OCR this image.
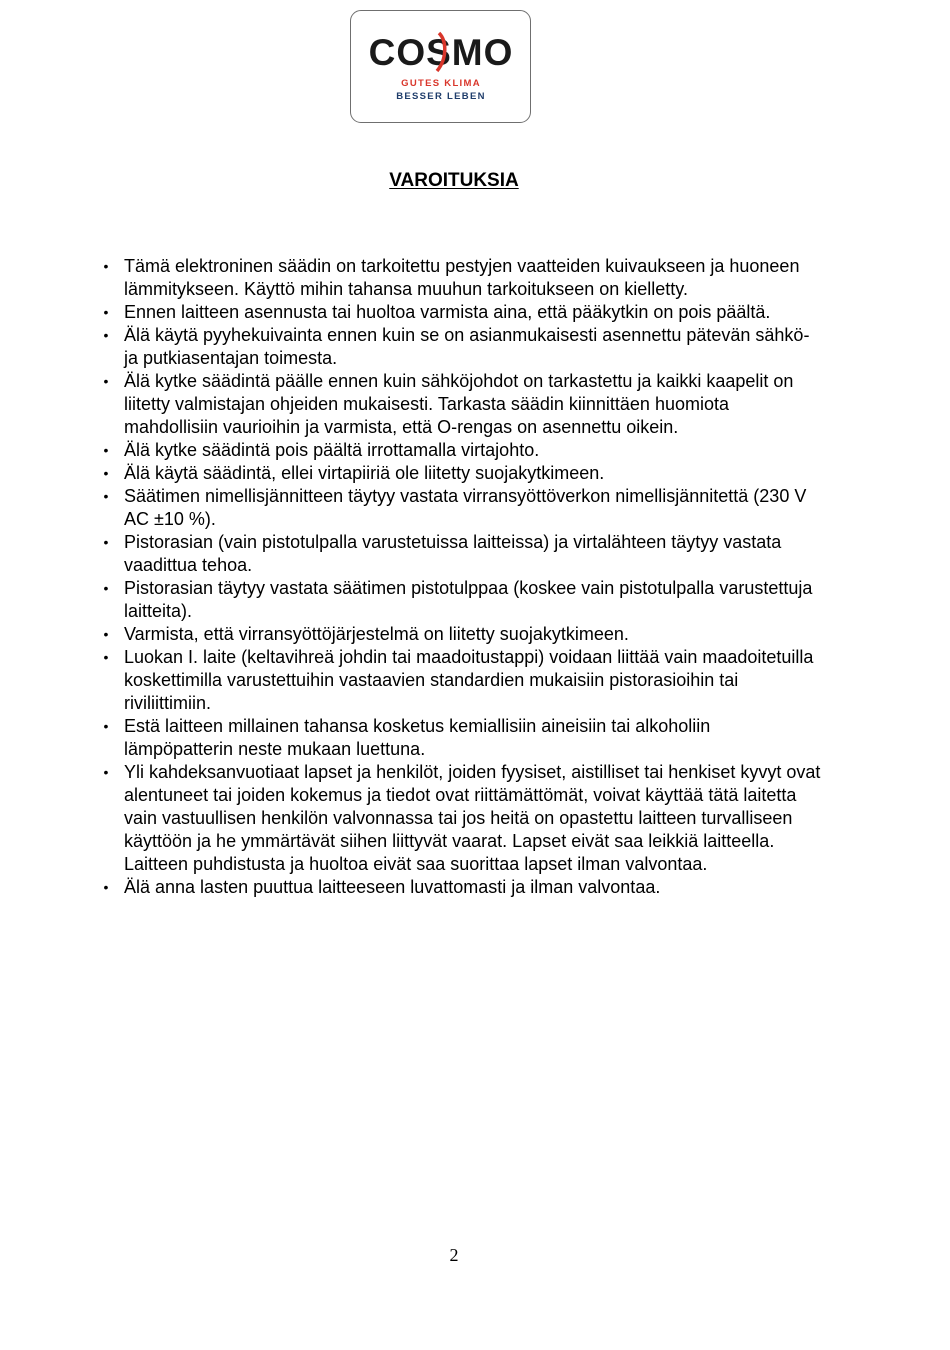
COSMO
GUTES KLIMA
BESSER LEBEN
VAROITUKSIA
• Tämä elektroninen säädin on tarkoitettu pestyjen vaatteiden kuivaukseen ja huoneen lämmitykseen. Käyttö mihin tahansa muuhun tarkoitukseen on kielletty.
• Ennen laitteen asennusta tai huoltoa varmista aina, että pääkytkin on pois päältä.
• Älä käytä pyyhekuivainta ennen kuin se on asianmukaisesti asennettu pätevän sähkö- ja putkiasentajan toimesta.
• Älä kytke säädintä päälle ennen kuin sähköjohdot on tarkastettu ja kaikki kaapelit on liitetty valmistajan ohjeiden mukaisesti. Tarkasta säädin kiinnittäen huomiota mahdollisiin vaurioihin ja varmista, että O-rengas on asennettu oikein.
• Älä kytke säädintä pois päältä irrottamalla virtajohto.
• Älä käytä säädintä, ellei virtapiiriä ole liitetty suojakytkimeen.
• Säätimen nimellisjännitteen täytyy vastata virransyöttöverkon nimellisjännitettä (230 V AC ±10 %).
• Pistorasian (vain pistotulpalla varustetuissa laitteissa) ja virtalähteen täytyy vastata vaadittua tehoa.
• Pistorasian täytyy vastata säätimen pistotulppaa (koskee vain pistotulpalla varustettuja laitteita).
• Varmista, että virransyöttöjärjestelmä on liitetty suojakytkimeen.
• Luokan I. laite (keltavihreä johdin tai maadoitustappi) voidaan liittää vain maadoitetuilla koskettimilla varustettuihin vastaavien standardien mukaisiin pistorasioihin tai riviliittimiin.
• Estä laitteen millainen tahansa kosketus kemiallisiin aineisiin tai alkoholiin lämpöpatterin neste mukaan luettuna.
• Yli kahdeksanvuotiaat lapset ja henkilöt, joiden fyysiset, aistilliset tai henkiset kyvyt ovat alentuneet tai joiden kokemus ja tiedot ovat riittämättömät, voivat käyttää tätä laitetta vain vastuullisen henkilön valvonnassa tai jos heitä on opastettu laitteen turvalliseen käyttöön ja he ymmärtävät siihen liittyvät vaarat. Lapset eivät saa leikkiä laitteella. Laitteen puhdistusta ja huoltoa eivät saa suorittaa lapset ilman valvontaa.
• Älä anna lasten puuttua laitteeseen luvattomasti ja ilman valvontaa.
2
